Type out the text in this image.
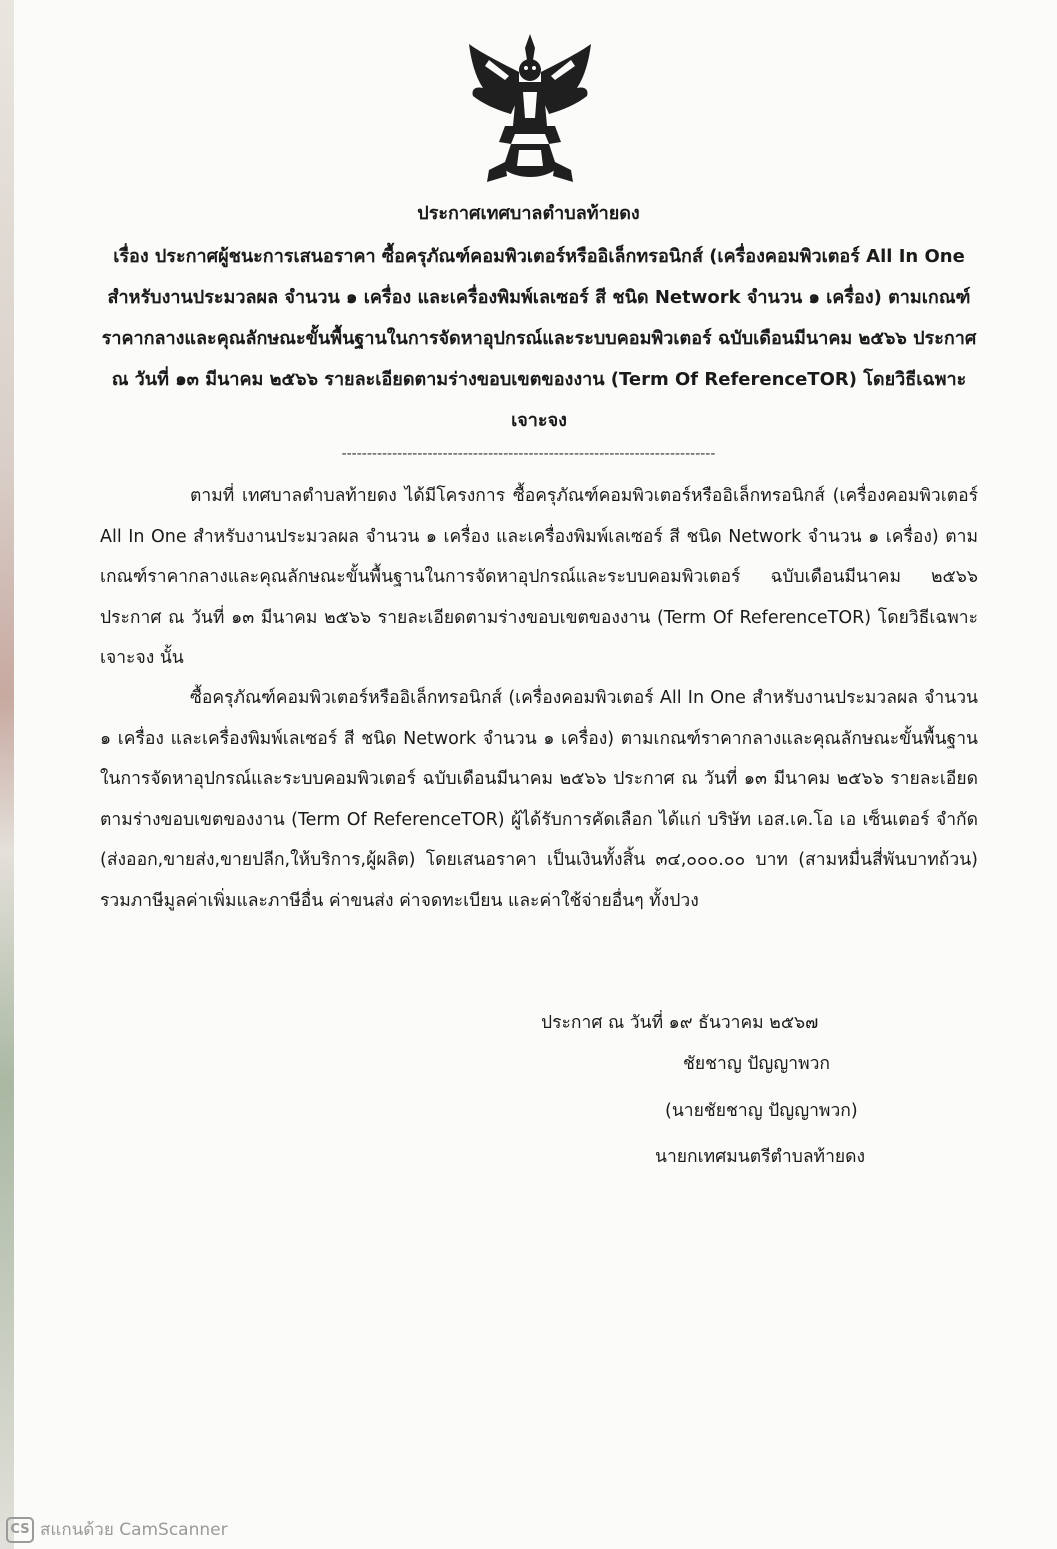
ประกาศเทศบาลตำบลท้ายดง
เรื่อง ประกาศผู้ชนะการเสนอราคา ซื้อครุภัณฑ์คอมพิวเตอร์หรืออิเล็กทรอนิกส์ (เครื่องคอมพิวเตอร์ All In One สำหรับงานประมวลผล จำนวน ๑ เครื่อง และเครื่องพิมพ์เลเซอร์ สี ชนิด Network จำนวน ๑ เครื่อง) ตามเกณฑ์ราคากลางและคุณลักษณะขั้นพื้นฐานในการจัดหาอุปกรณ์และระบบคอมพิวเตอร์ ฉบับเดือนมีนาคม ๒๕๖๖ ประกาศ ณ วันที่ ๑๓ มีนาคม ๒๕๖๖ รายละเอียดตามร่างขอบเขตของงาน (Term Of ReferenceTOR) โดยวิธีเฉพาะเจาะจง
--------------------------------------------------------------------------
ตามที่ เทศบาลตำบลท้ายดง ได้มีโครงการ ซื้อครุภัณฑ์คอมพิวเตอร์หรืออิเล็กทรอนิกส์ (เครื่องคอมพิวเตอร์ All In One สำหรับงานประมวลผล จำนวน ๑ เครื่อง และเครื่องพิมพ์เลเซอร์ สี ชนิด Network จำนวน ๑ เครื่อง) ตามเกณฑ์ราคากลางและคุณลักษณะขั้นพื้นฐานในการจัดหาอุปกรณ์และระบบคอมพิวเตอร์ ฉบับเดือนมีนาคม ๒๕๖๖ ประกาศ ณ วันที่ ๑๓ มีนาคม ๒๕๖๖ รายละเอียดตามร่างขอบเขตของงาน (Term Of ReferenceTOR) โดยวิธีเฉพาะเจาะจง นั้น
ซื้อครุภัณฑ์คอมพิวเตอร์หรืออิเล็กทรอนิกส์ (เครื่องคอมพิวเตอร์ All In One สำหรับงานประมวลผล จำนวน ๑ เครื่อง และเครื่องพิมพ์เลเซอร์ สี ชนิด Network จำนวน ๑ เครื่อง) ตามเกณฑ์ราคากลางและคุณลักษณะขั้นพื้นฐานในการจัดหาอุปกรณ์และระบบคอมพิวเตอร์ ฉบับเดือนมีนาคม ๒๕๖๖ ประกาศ ณ วันที่ ๑๓ มีนาคม ๒๕๖๖ รายละเอียดตามร่างขอบเขตของงาน (Term Of ReferenceTOR) ผู้ได้รับการคัดเลือก ได้แก่ บริษัท เอส.เค.โอ เอ เซ็นเตอร์ จำกัด (ส่งออก,ขายส่ง,ขายปลีก,ให้บริการ,ผู้ผลิต) โดยเสนอราคา เป็นเงินทั้งสิ้น ๓๔,๐๐๐.๐๐ บาท (สามหมื่นสี่พันบาทถ้วน) รวมภาษีมูลค่าเพิ่มและภาษีอื่น ค่าขนส่ง ค่าจดทะเบียน และค่าใช้จ่ายอื่นๆ ทั้งปวง
ประกาศ ณ วันที่ ๑๙ ธันวาคม ๒๕๖๗
ชัยชาญ ปัญญาพวก
(นายชัยชาญ ปัญญาพวก)
นายกเทศมนตรีตำบลท้ายดง
CS สแกนด้วย CamScanner
